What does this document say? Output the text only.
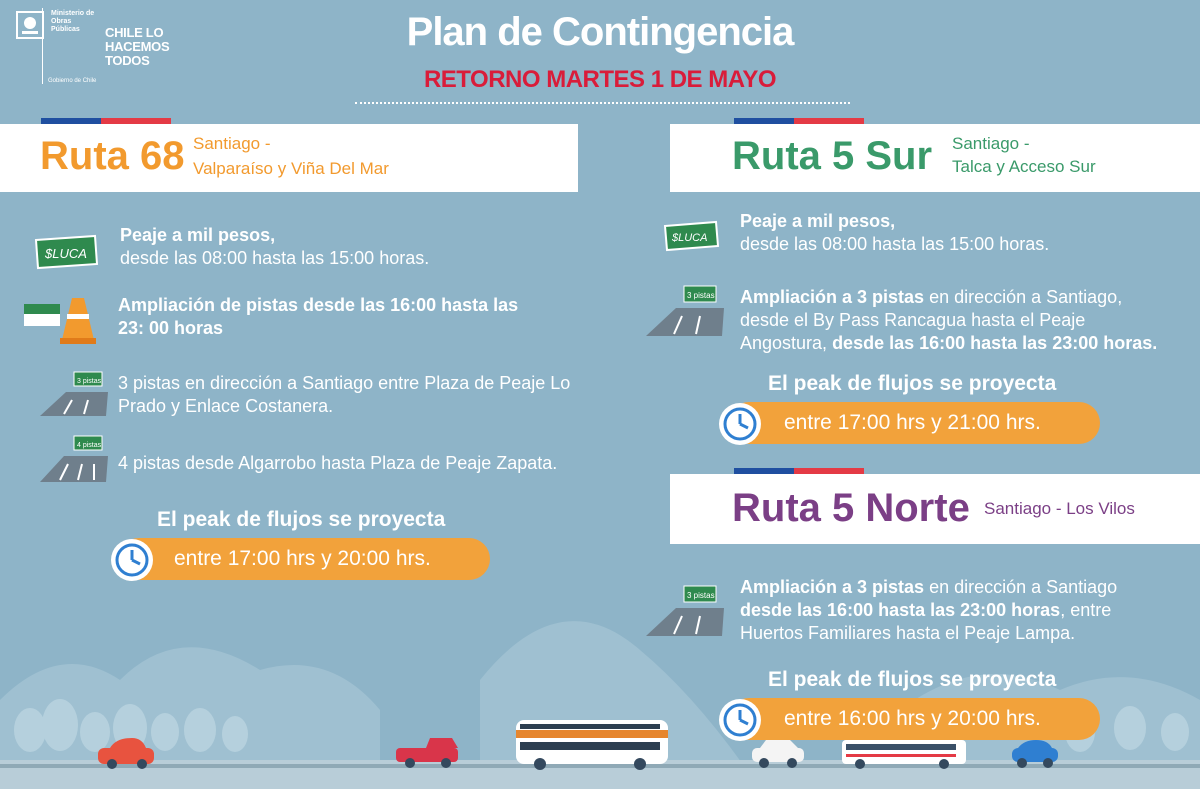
Ministerio de Obras Públicas
Gobierno de Chile
CHILE LO HACEMOS TODOS
Plan de Contingencia
RETORNO MARTES 1 DE MAYO
Ruta 68 Santiago -
Valparaíso y Viña Del Mar
$LUCA
Peaje a mil pesos,
desde las 08:00 hasta las 15:00 horas.
Ampliación de pistas desde las 16:00 hasta las
23: 00 horas
3 pistas 3 pistas en dirección a Santiago entre Plaza de Peaje Lo
Prado y Enlace Costanera.
4 pistas
4 pistas desde Algarrobo hasta Plaza de Peaje Zapata.
El peak de flujos se proyecta
entre 17:00 hrs y 20:00 hrs.
Ruta 5 Sur Santiago -
Talca y Acceso Sur
$LUCA
Peaje a mil pesos,
desde las 08:00 hasta las 15:00 horas.
3 pistas Ampliación a 3 pistas en dirección a Santiago,
desde el By Pass Rancagua hasta el Peaje
Angostura, desde las 16:00 hasta las 23:00 horas.
El peak de flujos se proyecta
entre 17:00 hrs y 21:00 hrs.
Ruta 5 Norte Santiago - Los Vilos
3 pistas Ampliación a 3 pistas en dirección a Santiago
desde las 16:00 hasta las 23:00 horas, entre
Huertos Familiares hasta el Peaje Lampa.
El peak de flujos se proyecta
entre 16:00 hrs y 20:00 hrs.
